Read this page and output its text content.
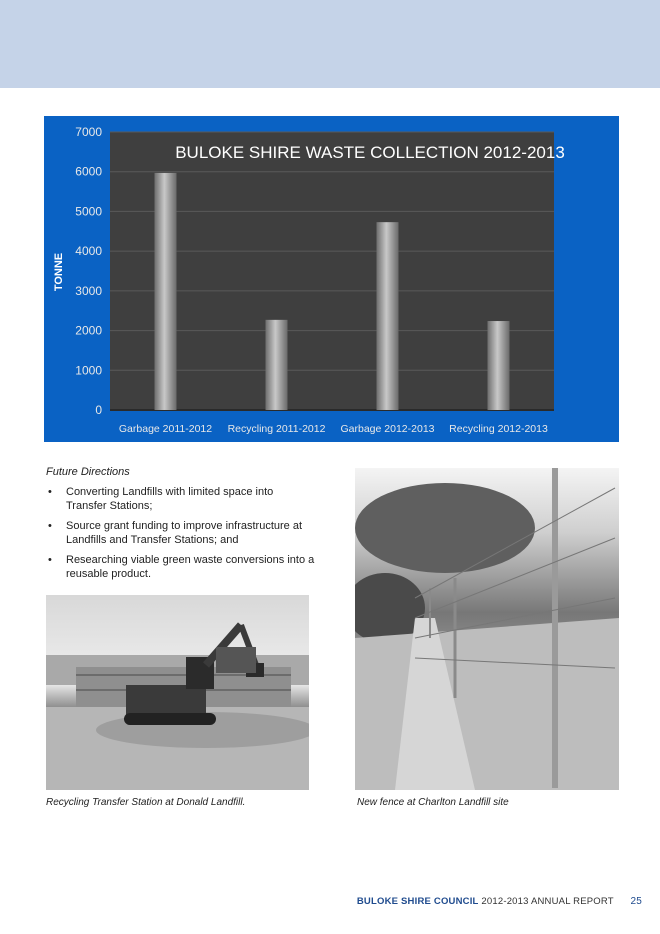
0
1000
2000
3000
4000
5000
6000
7000
Garbage 2011-2012 Recycling 2011-2012 Garbage 2012-2013 Recycling 2012-2013
BULOKE SHIRE WASTE COLLECTION 2012-2013
TONNE
Future Directions
• Converting Landfills with limited space into Transfer Stations;
• Source grant funding to improve infrastructure at Landfills and Transfer Stations; and
• Researching viable green waste conversions into a reusable product.
Recycling Transfer Station at Donald Landfill.	New fence at Charlton Landfill site
BULOKE SHIRE COUNCIL 2012-2013 ANNUAL REPORT 25
